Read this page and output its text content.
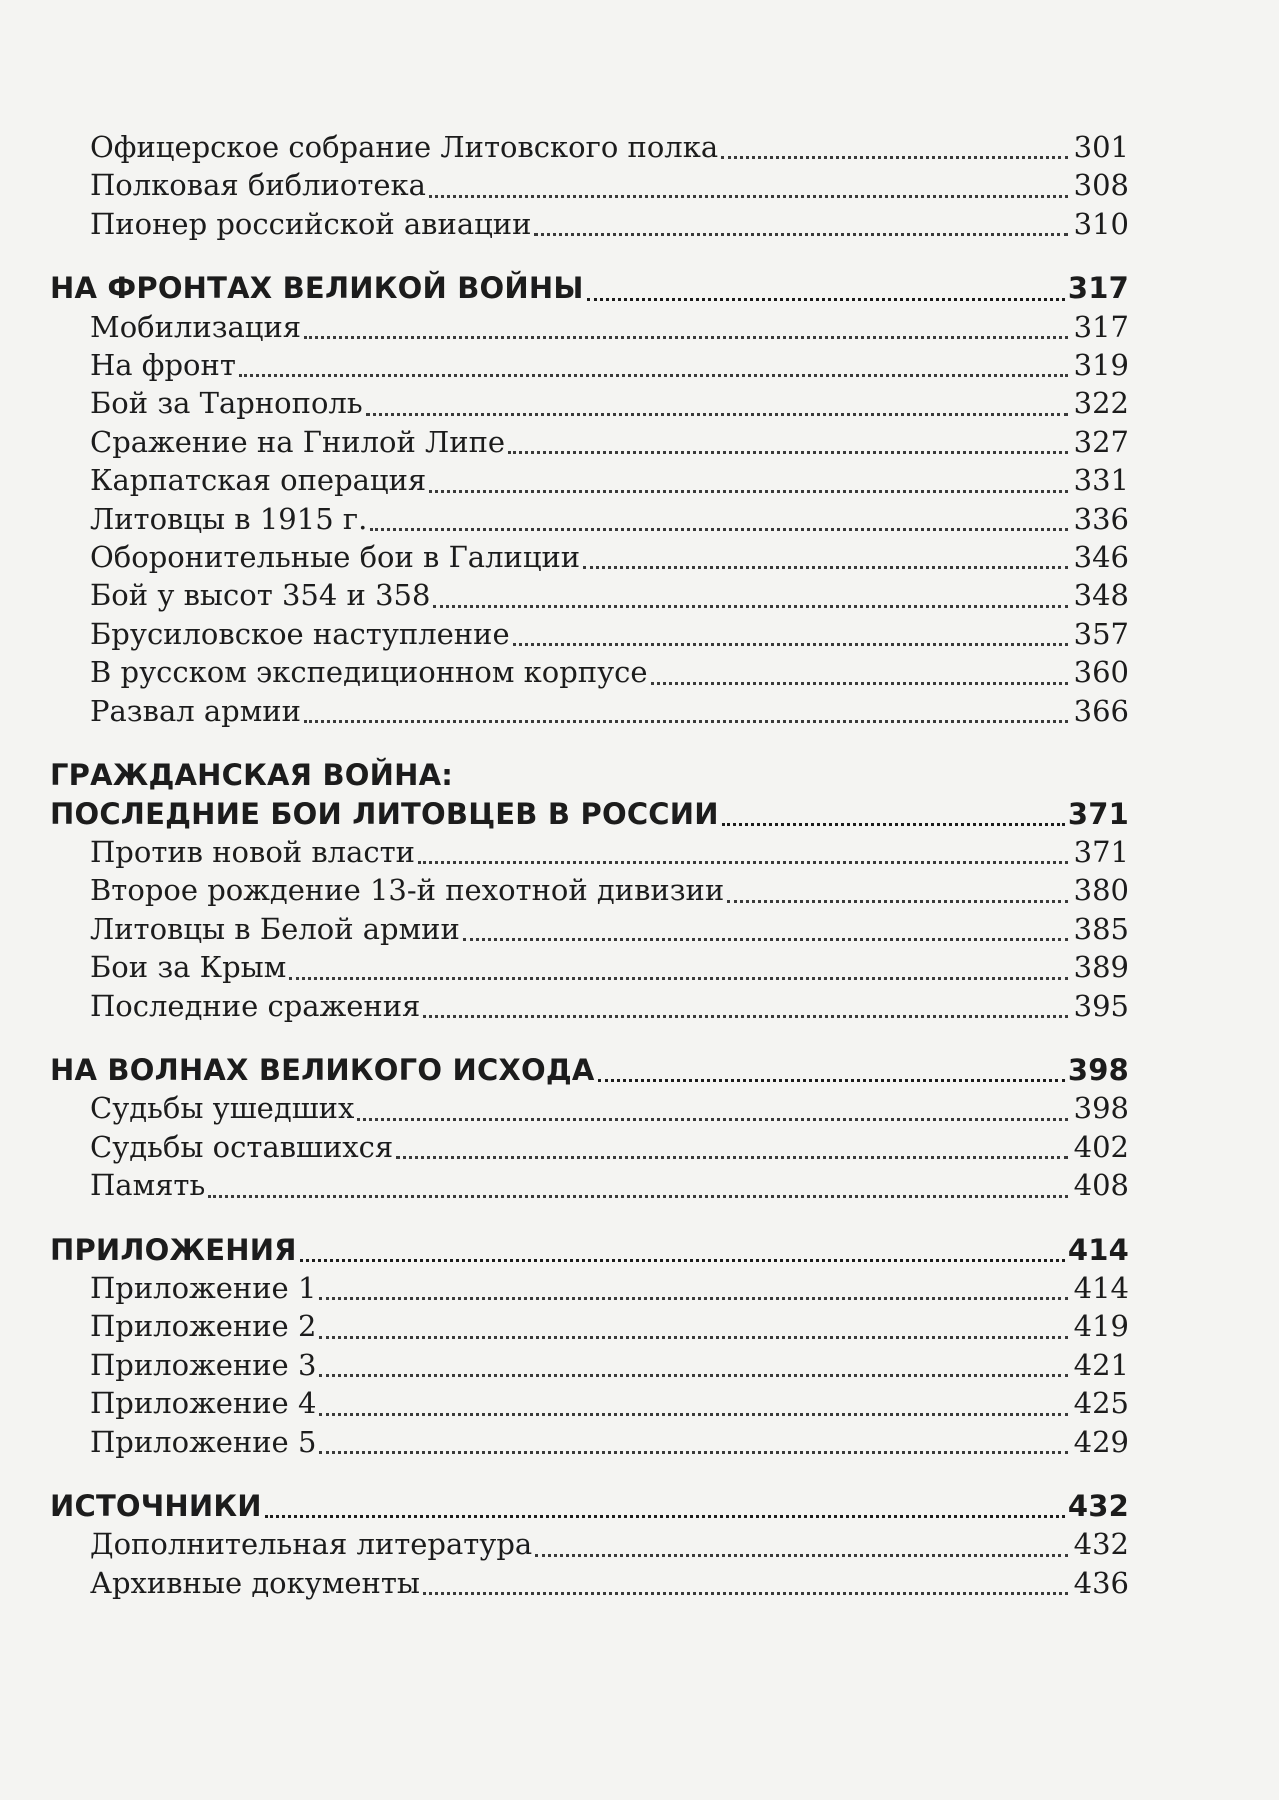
Офицерское собрание Литовского полка	301
Полковая библиотека	308
Пионер российской авиации	310
НА ФРОНТАХ ВЕЛИКОЙ ВОЙНЫ	317
Мобилизация	317
На фронт	319
Бой за Тарнополь	322
Сражение на Гнилой Липе	327
Карпатская операция	331
Литовцы в 1915 г.	336
Оборонительные бои в Галиции	346
Бой у высот 354 и 358	348
Брусиловское наступление	357
В русском экспедиционном корпусе	360
Развал армии	366
ГРАЖДАНСКАЯ ВОЙНА:
ПОСЛЕДНИЕ БОИ ЛИТОВЦЕВ В РОССИИ	371
Против новой власти	371
Второе рождение 13-й пехотной дивизии	380
Литовцы в Белой армии	385
Бои за Крым	389
Последние сражения	395
НА ВОЛНАХ ВЕЛИКОГО ИСХОДА	398
Судьбы ушедших	398
Судьбы оставшихся	402
Память	408
ПРИЛОЖЕНИЯ	414
Приложение 1	414
Приложение 2	419
Приложение 3	421
Приложение 4	425
Приложение 5	429
ИСТОЧНИКИ	432
Дополнительная литература	432
Архивные документы	436
